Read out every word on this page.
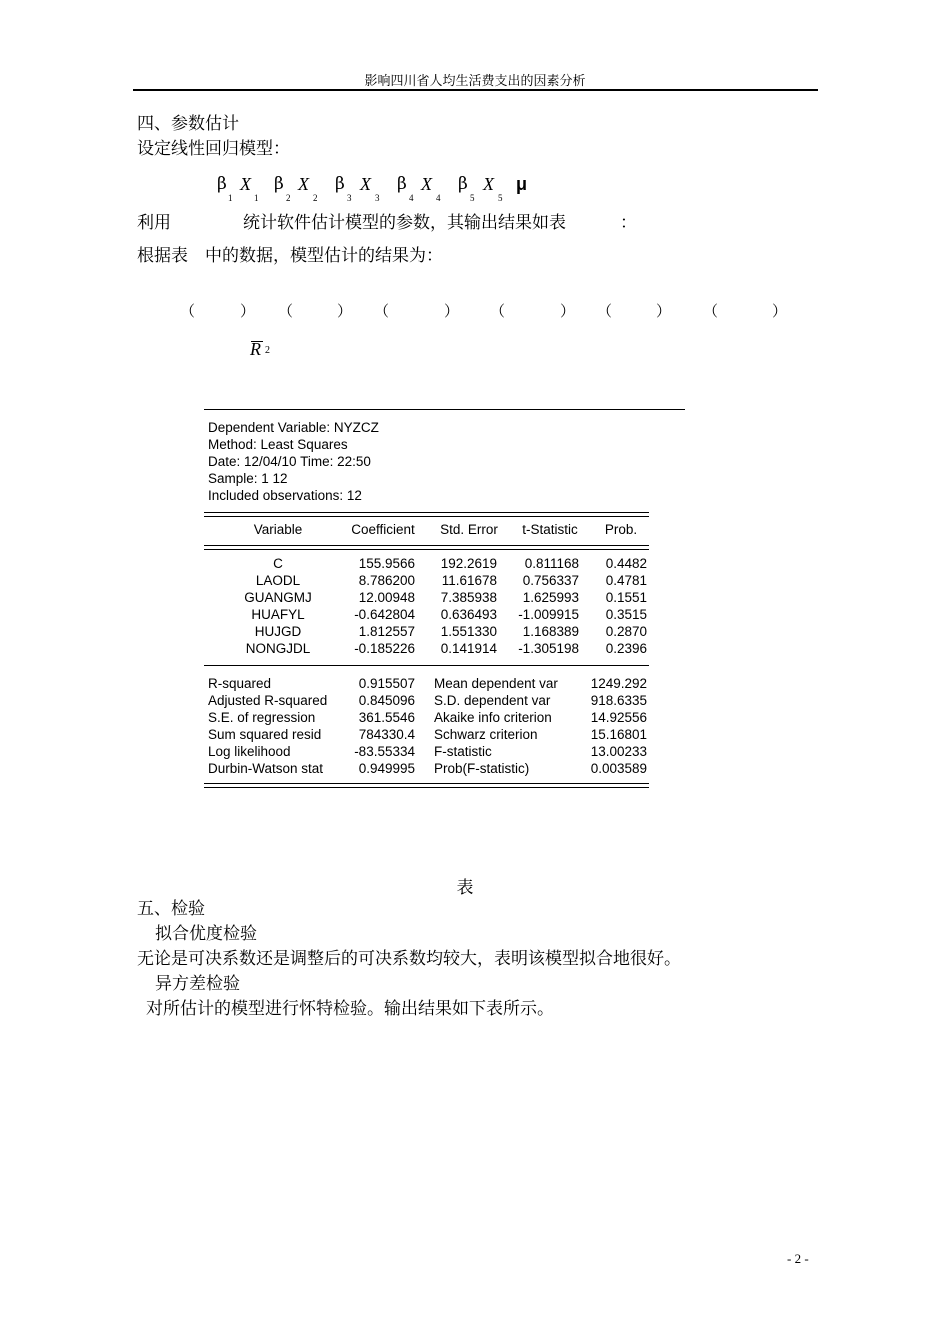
影响四川省人均生活费支出的因素分析
四、参数估计
设定线性回归模型：
β
1
X
1
β
2
X
2
β
3
X
3
β
4
X
4
β
5
X
5
μ
利用	统计软件估计模型的参数，其输出结果如表	：
根据表　中的数据，模型估计的结果为：
（	） （	） （	） （	） （	） （	）
R 2
Dependent Variable: NYZCZ
Method: Least Squares
Date: 12/04/10 Time: 22:50
Sample: 1 12
Included observations: 12
Variable	Coefficient	Std. Error	t-Statistic	Prob.
C	155.9566	192.2619	0.811168	0.4482
LAODL	8.786200	11.61678	0.756337	0.4781
GUANGMJ	12.00948	7.385938	1.625993	0.1551
HUAFYL	-0.642804	0.636493	-1.009915	0.3515
HUJGD	1.812557	1.551330	1.168389	0.2870
NONGJDL	-0.185226	0.141914	-1.305198	0.2396
R-squared	0.915507 Mean dependent var	1249.292
Adjusted R-squared	0.845096 S.D. dependent var	918.6335
S.E. of regression	361.5546 Akaike info criterion	14.92556
Sum squared resid	784330.4 Schwarz criterion	15.16801
Log likelihood	-83.55334 F-statistic	13.00233
Durbin-Watson stat	0.949995 Prob(F-statistic)	0.003589
表
五、检验
拟合优度检验
无论是可决系数还是调整后的可决系数均较大，表明该模型拟合地很好。
异方差检验
对所估计的模型进行怀特检验。输出结果如下表所示。
- 2 -
